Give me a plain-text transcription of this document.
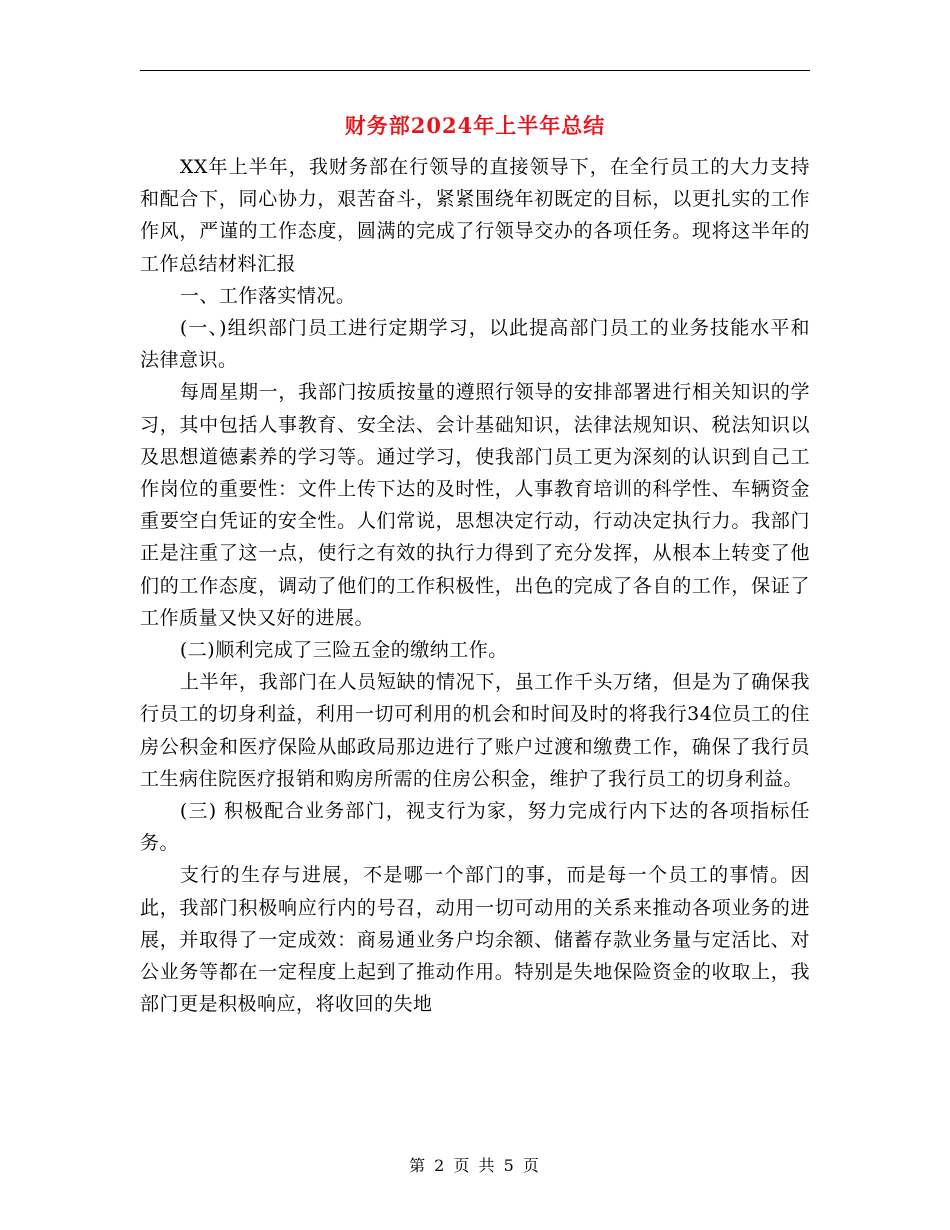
财务部2024年上半年总结

XX年上半年，我财务部在行领导的直接领导下，在全行员工的大力支持和配合下，同心协力，艰苦奋斗，紧紧围绕年初既定的目标，以更扎实的工作作风，严谨的工作态度，圆满的完成了行领导交办的各项任务。现将这半年的工作总结材料汇报

一、工作落实情况。

(一、)组织部门员工进行定期学习，以此提高部门员工的业务技能水平和法律意识。

每周星期一，我部门按质按量的遵照行领导的安排部署进行相关知识的学习，其中包括人事教育、安全法、会计基础知识，法律法规知识、税法知识以及思想道德素养的学习等。通过学习，使我部门员工更为深刻的认识到自己工作岗位的重要性：文件上传下达的及时性，人事教育培训的科学性、车辆资金重要空白凭证的安全性。人们常说，思想决定行动，行动决定执行力。我部门正是注重了这一点，使行之有效的执行力得到了充分发挥，从根本上转变了他们的工作态度，调动了他们的工作积极性，出色的完成了各自的工作，保证了工作质量又快又好的进展。

(二)顺利完成了三险五金的缴纳工作。

上半年，我部门在人员短缺的情况下，虽工作千头万绪，但是为了确保我行员工的切身利益，利用一切可利用的机会和时间及时的将我行34位员工的住房公积金和医疗保险从邮政局那边进行了账户过渡和缴费工作，确保了我行员工生病住院医疗报销和购房所需的住房公积金，维护了我行员工的切身利益。

(三) 积极配合业务部门，视支行为家，努力完成行内下达的各项指标任务。

支行的生存与进展，不是哪一个部门的事，而是每一个员工的事情。因此，我部门积极响应行内的号召，动用一切可动用的关系来推动各项业务的进展，并取得了一定成效：商易通业务户均余额、储蓄存款业务量与定活比、对公业务等都在一定程度上起到了推动作用。特别是失地保险资金的收取上，我部门更是积极响应，将收回的失地

第 2 页 共 5 页
